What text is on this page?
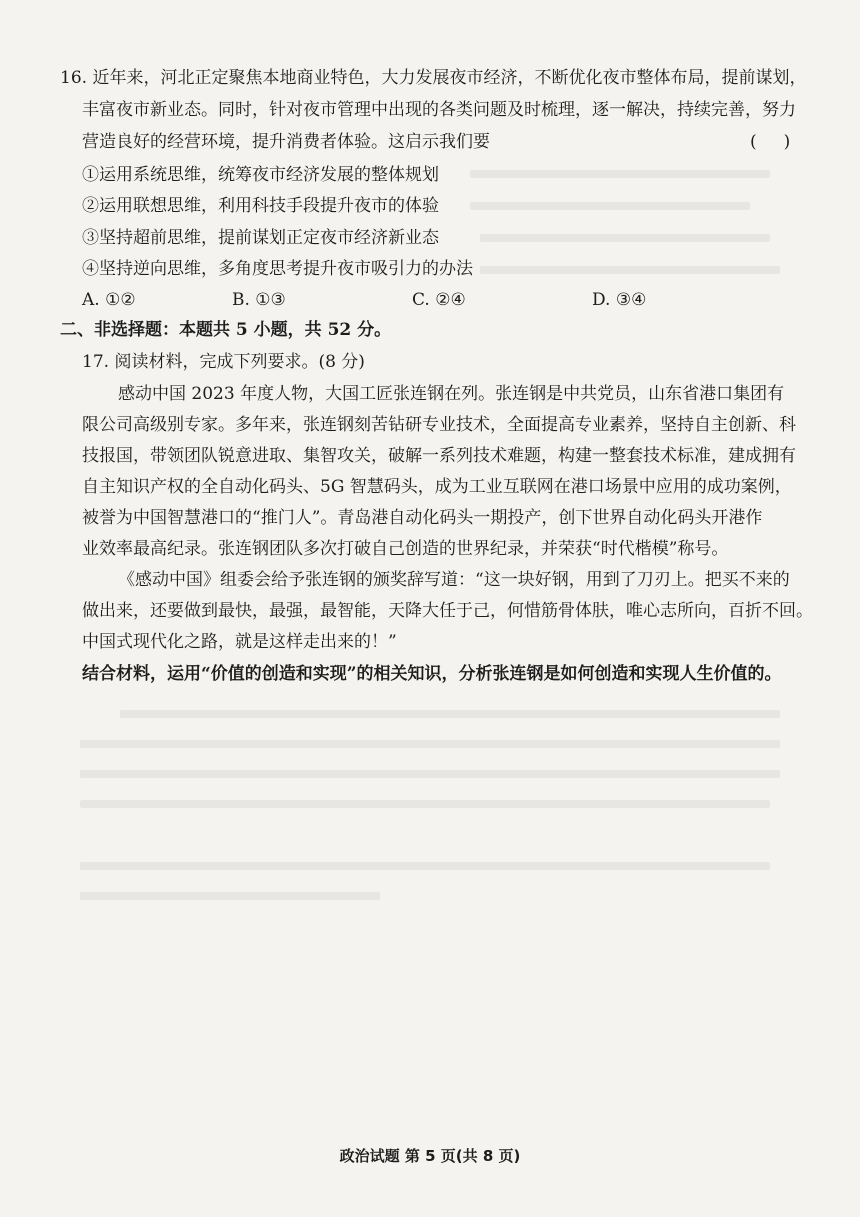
16. 近年来，河北正定聚焦本地商业特色，大力发展夜市经济，不断优化夜市整体布局，提前谋划，
丰富夜市新业态。同时，针对夜市管理中出现的各类问题及时梳理，逐一解决，持续完善，努力
营造良好的经营环境，提升消费者体验。这启示我们要	(     )
①运用系统思维，统筹夜市经济发展的整体规划
②运用联想思维，利用科技手段提升夜市的体验
③坚持超前思维，提前谋划正定夜市经济新业态
④坚持逆向思维，多角度思考提升夜市吸引力的办法
A. ①②	B. ①③	C. ②④	D. ③④
二、非选择题：本题共 5 小题，共 52 分。
17. 阅读材料，完成下列要求。(8 分)
感动中国 2023 年度人物，大国工匠张连钢在列。张连钢是中共党员，山东省港口集团有
限公司高级别专家。多年来，张连钢刻苦钻研专业技术，全面提高专业素养，坚持自主创新、科
技报国，带领团队锐意进取、集智攻关，破解一系列技术难题，构建一整套技术标准，建成拥有
自主知识产权的全自动化码头、5G 智慧码头，成为工业互联网在港口场景中应用的成功案例，
被誉为中国智慧港口的“推门人”。青岛港自动化码头一期投产，创下世界自动化码头开港作
业效率最高纪录。张连钢团队多次打破自己创造的世界纪录，并荣获“时代楷模”称号。
《感动中国》组委会给予张连钢的颁奖辞写道：“这一块好钢，用到了刀刃上。把买不来的
做出来，还要做到最快，最强，最智能，天降大任于己，何惜筋骨体肤，唯心志所向，百折不回。
中国式现代化之路，就是这样走出来的！”
结合材料，运用“价值的创造和实现”的相关知识，分析张连钢是如何创造和实现人生价值的。
政治试题 第 5 页(共 8 页)
